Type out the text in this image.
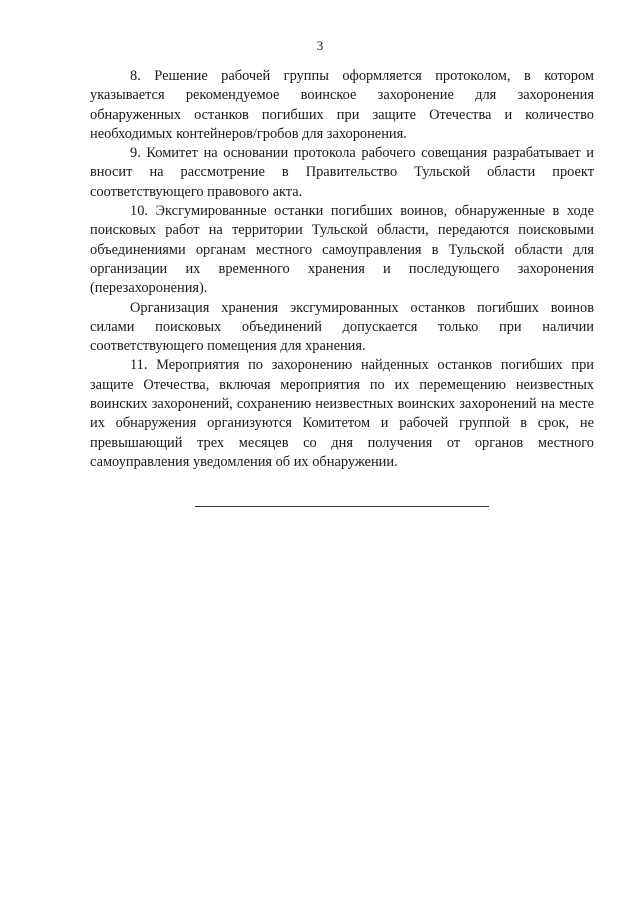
3

8. Решение рабочей группы оформляется протоколом, в котором указывается рекомендуемое воинское захоронение для захоронения обнаруженных останков погибших при защите Отечества и количество необходимых контейнеров/гробов для захоронения.

9. Комитет на основании протокола рабочего совещания разрабатывает и вносит на рассмотрение в Правительство Тульской области проект соответствующего правового акта.

10. Эксгумированные останки погибших воинов, обнаруженные в ходе поисковых работ на территории Тульской области, передаются поисковыми объединениями органам местного самоуправления в Тульской области для организации их временного хранения и последующего захоронения (перезахоронения).

Организация хранения эксгумированных останков погибших воинов силами поисковых объединений допускается только при наличии соответствующего помещения для хранения.

11. Мероприятия по захоронению найденных останков погибших при защите Отечества, включая мероприятия по их перемещению неизвестных воинских захоронений, сохранению неизвестных воинских захоронений на месте их обнаружения организуются Комитетом и рабочей группой в срок, не превышающий трех месяцев со дня получения от органов местного самоуправления уведомления об их обнаружении.
